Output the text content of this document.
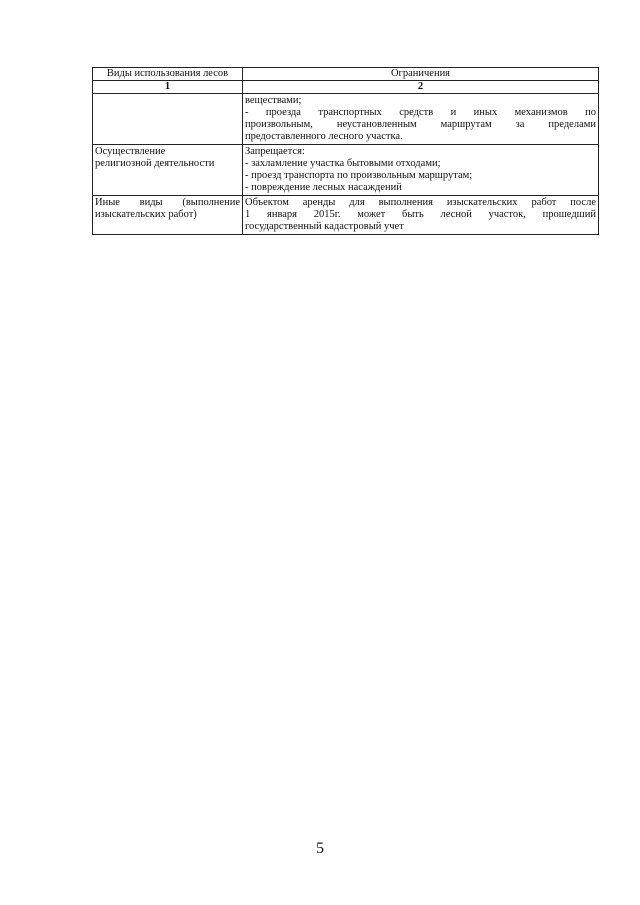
Виды использования лесов	Ограничения
1	2

	веществами;
- проезда транспортных средств и иных механизмов по
произвольным, неустановленным маршрутам за пределами
предоставленного лесного участка.

Осуществление
религиозной деятельности	Запрещается:
- захламление участка бытовыми отходами;
- проезд транспорта по произвольным маршрутам;
- повреждение лесных насаждений

Иные виды (выполнение
изыскательских работ)	Объектом аренды для выполнения изыскательских работ после
1 января 2015г. может быть лесной участок, прошедший
государственный кадастровый учет
5
